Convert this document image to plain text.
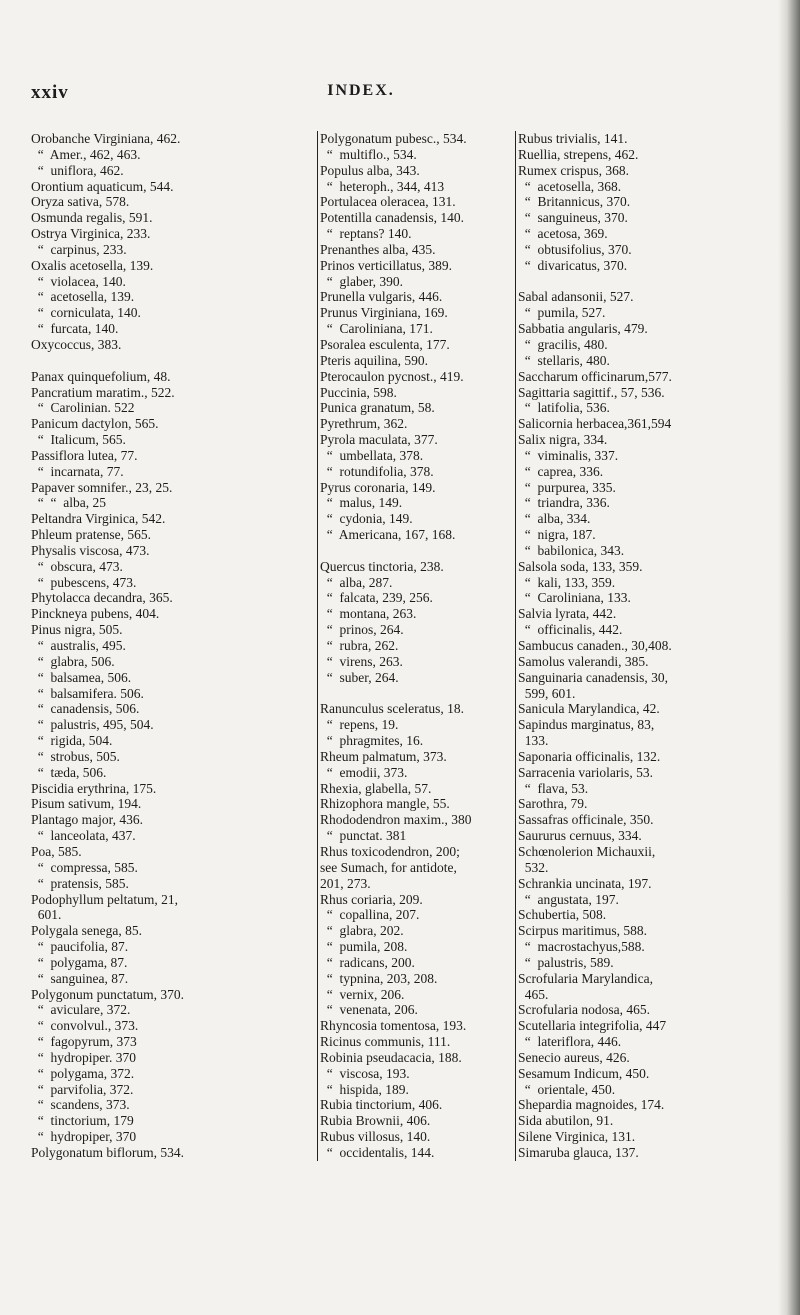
xxiv	INDEX.
Orobanche Virginiana, 462.
“  Amer., 462, 463.
“  uniflora, 462.
Orontium aquaticum, 544.
Oryza sativa, 578.
Osmunda regalis, 591.
Ostrya Virginica, 233.
“  carpinus, 233.
Oxalis acetosella, 139.
“  violacea, 140.
“  acetosella, 139.
“  corniculata, 140.
“  furcata, 140.
Oxycoccus, 383.
Panax quinquefolium, 48.
Pancratium maratim., 522.
“  Carolinian. 522
Panicum dactylon, 565.
“  Italicum, 565.
Passiflora lutea, 77.
“  incarnata, 77.
Papaver somnifer., 23, 25.
“  “  alba, 25
Peltandra Virginica, 542.
Phleum pratense, 565.
Physalis viscosa, 473.
“  obscura, 473.
“  pubescens, 473.
Phytolacca decandra, 365.
Pinckneya pubens, 404.
Pinus nigra, 505.
“  australis, 495.
“  glabra, 506.
“  balsamea, 506.
“  balsamifera. 506.
“  canadensis, 506.
“  palustris, 495, 504.
“  rigida, 504.
“  strobus, 505.
“  tæda, 506.
Piscidia erythrina, 175.
Pisum sativum, 194.
Plantago major, 436.
“  lanceolata, 437.
Poa, 585.
“  compressa, 585.
“  pratensis, 585.
Podophyllum peltatum, 21,
601.
Polygala senega, 85.
“  paucifolia, 87.
“  polygama, 87.
“  sanguinea, 87.
Polygonum punctatum, 370.
“  aviculare, 372.
“  convolvul., 373.
“  fagopyrum, 373
“  hydropiper. 370
“  polygama, 372.
“  parvifolia, 372.
“  scandens, 373.
“  tinctorium, 179
“  hydropiper, 370
Polygonatum biflorum, 534.
Polygonatum pubesc., 534.
“  multiflo., 534.
Populus alba, 343.
“  heteroph., 344, 413
Portulacea oleracea, 131.
Potentilla canadensis, 140.
“  reptans? 140.
Prenanthes alba, 435.
Prinos verticillatus, 389.
“  glaber, 390.
Prunella vulgaris, 446.
Prunus Virginiana, 169.
“  Caroliniana, 171.
Psoralea esculenta, 177.
Pteris aquilina, 590.
Pterocaulon pycnost., 419.
Puccinia, 598.
Punica granatum, 58.
Pyrethrum, 362.
Pyrola maculata, 377.
“  umbellata, 378.
“  rotundifolia, 378.
Pyrus coronaria, 149.
“  malus, 149.
“  cydonia, 149.
“  Americana, 167, 168.
Quercus tinctoria, 238.
“  alba, 287.
“  falcata, 239, 256.
“  montana, 263.
“  prinos, 264.
“  rubra, 262.
“  virens, 263.
“  suber, 264.
Ranunculus sceleratus, 18.
“  repens, 19.
“  phragmites, 16.
Rheum palmatum, 373.
“  emodii, 373.
Rhexia, glabella, 57.
Rhizophora mangle, 55.
Rhododendron maxim., 380
“  punctat. 381
Rhus toxicodendron, 200;
see Sumach, for antidote,
201, 273.
Rhus coriaria, 209.
“  copallina, 207.
“  glabra, 202.
“  pumila, 208.
“  radicans, 200.
“  typnina, 203, 208.
“  vernix, 206.
“  venenata, 206.
Rhyncosia tomentosa, 193.
Ricinus communis, 111.
Robinia pseudacacia, 188.
“  viscosa, 193.
“  hispida, 189.
Rubia tinctorium, 406.
Rubia Brownii, 406.
Rubus villosus, 140.
“  occidentalis, 144.
Rubus trivialis, 141.
Ruellia, strepens, 462.
Rumex crispus, 368.
“  acetosella, 368.
“  Britannicus, 370.
“  sanguineus, 370.
“  acetosa, 369.
“  obtusifolius, 370.
“  divaricatus, 370.
Sabal adansonii, 527.
“  pumila, 527.
Sabbatia angularis, 479.
“  gracilis, 480.
“  stellaris, 480.
Saccharum officinarum,577.
Sagittaria sagittif., 57, 536.
“  latifolia, 536.
Salicornia herbacea,361,594
Salix nigra, 334.
“  viminalis, 337.
“  caprea, 336.
“  purpurea, 335.
“  triandra, 336.
“  alba, 334.
“  nigra, 187.
“  babilonica, 343.
Salsola soda, 133, 359.
“  kali, 133, 359.
“  Caroliniana, 133.
Salvia lyrata, 442.
“  officinalis, 442.
Sambucus canaden., 30,408.
Samolus valerandi, 385.
Sanguinaria canadensis, 30,
599, 601.
Sanicula Marylandica, 42.
Sapindus marginatus, 83,
133.
Saponaria officinalis, 132.
Sarracenia variolaris, 53.
“  flava, 53.
Sarothra, 79.
Sassafras officinale, 350.
Saururus cernuus, 334.
Schœnolerion Michauxii,
532.
Schrankia uncinata, 197.
“  angustata, 197.
Schubertia, 508.
Scirpus maritimus, 588.
“  macrostachyus,588.
“  palustris, 589.
Scrofularia Marylandica,
465.
Scrofularia nodosa, 465.
Scutellaria integrifolia, 447
“  lateriflora, 446.
Senecio aureus, 426.
Sesamum Indicum, 450.
“  orientale, 450.
Shepardia magnoides, 174.
Sida abutilon, 91.
Silene Virginica, 131.
Simaruba glauca, 137.
